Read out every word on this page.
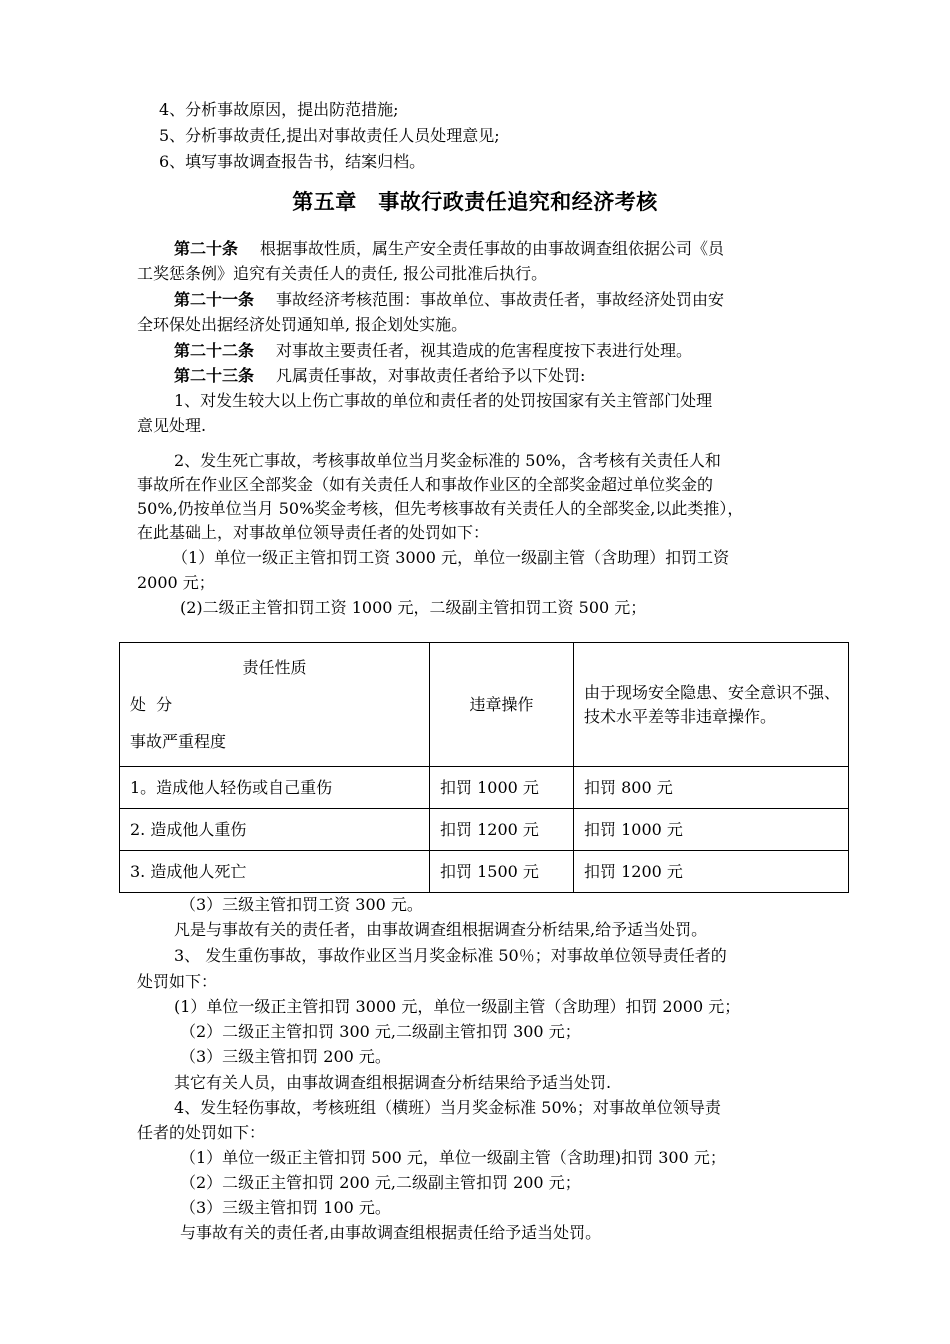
4、分析事故原因，提出防范措施;
5、分析事故责任,提出对事故责任人员处理意见;
6、填写事故调查报告书，结案归档。
第五章　事故行政责任追究和经济考核
第二十条 根据事故性质，属生产安全责任事故的由事故调查组依据公司《员
工奖惩条例》追究有关责任人的责任, 报公司批准后执行。
第二十一条 事故经济考核范围：事故单位、事故责任者，事故经济处罚由安
全环保处出据经济处罚通知单, 报企划处实施。
第二十二条 对事故主要责任者，视其造成的危害程度按下表进行处理。
第二十三条 凡属责任事故，对事故责任者给予以下处罚:
1、对发生较大以上伤亡事故的单位和责任者的处罚按国家有关主管部门处理
意见处理.
2、发生死亡事故，考核事故单位当月奖金标准的 50%，含考核有关责任人和
事故所在作业区全部奖金（如有关责任人和事故作业区的全部奖金超过单位奖金的
50%,仍按单位当月 50%奖金考核，但先考核事故有关责任人的全部奖金,以此类推），
在此基础上，对事故单位领导责任者的处罚如下：
（1）单位一级正主管扣罚工资 3000 元，单位一级副主管（含助理）扣罚工资
2000 元；
(2)二级正主管扣罚工资 1000 元，二级副主管扣罚工资 500 元；
责任性质
处  分
事故严重程度	违章操作	由于现场安全隐患、安全意识不强、技术水平差等非违章操作。
1。造成他人轻伤或自己重伤	扣罚 1000 元	扣罚 800 元
2. 造成他人重伤	扣罚 1200 元	扣罚 1000 元
3. 造成他人死亡	扣罚 1500 元	扣罚 1200 元
（3）三级主管扣罚工资 300 元。
凡是与事故有关的责任者，由事故调查组根据调查分析结果,给予适当处罚。
3、 发生重伤事故，事故作业区当月奖金标准 50％；对事故单位领导责任者的
处罚如下：
(1）单位一级正主管扣罚 3000 元，单位一级副主管（含助理）扣罚 2000 元；
（2）二级正主管扣罚 300 元,二级副主管扣罚 300 元；
（3）三级主管扣罚 200 元。
其它有关人员，由事故调查组根据调查分析结果给予适当处罚.
4、发生轻伤事故，考核班组（横班）当月奖金标准 50%；对事故单位领导责
任者的处罚如下：
（1）单位一级正主管扣罚 500 元，单位一级副主管（含助理)扣罚 300 元；
（2）二级正主管扣罚 200 元,二级副主管扣罚 200 元；
（3）三级主管扣罚 100 元。
与事故有关的责任者,由事故调查组根据责任给予适当处罚。
